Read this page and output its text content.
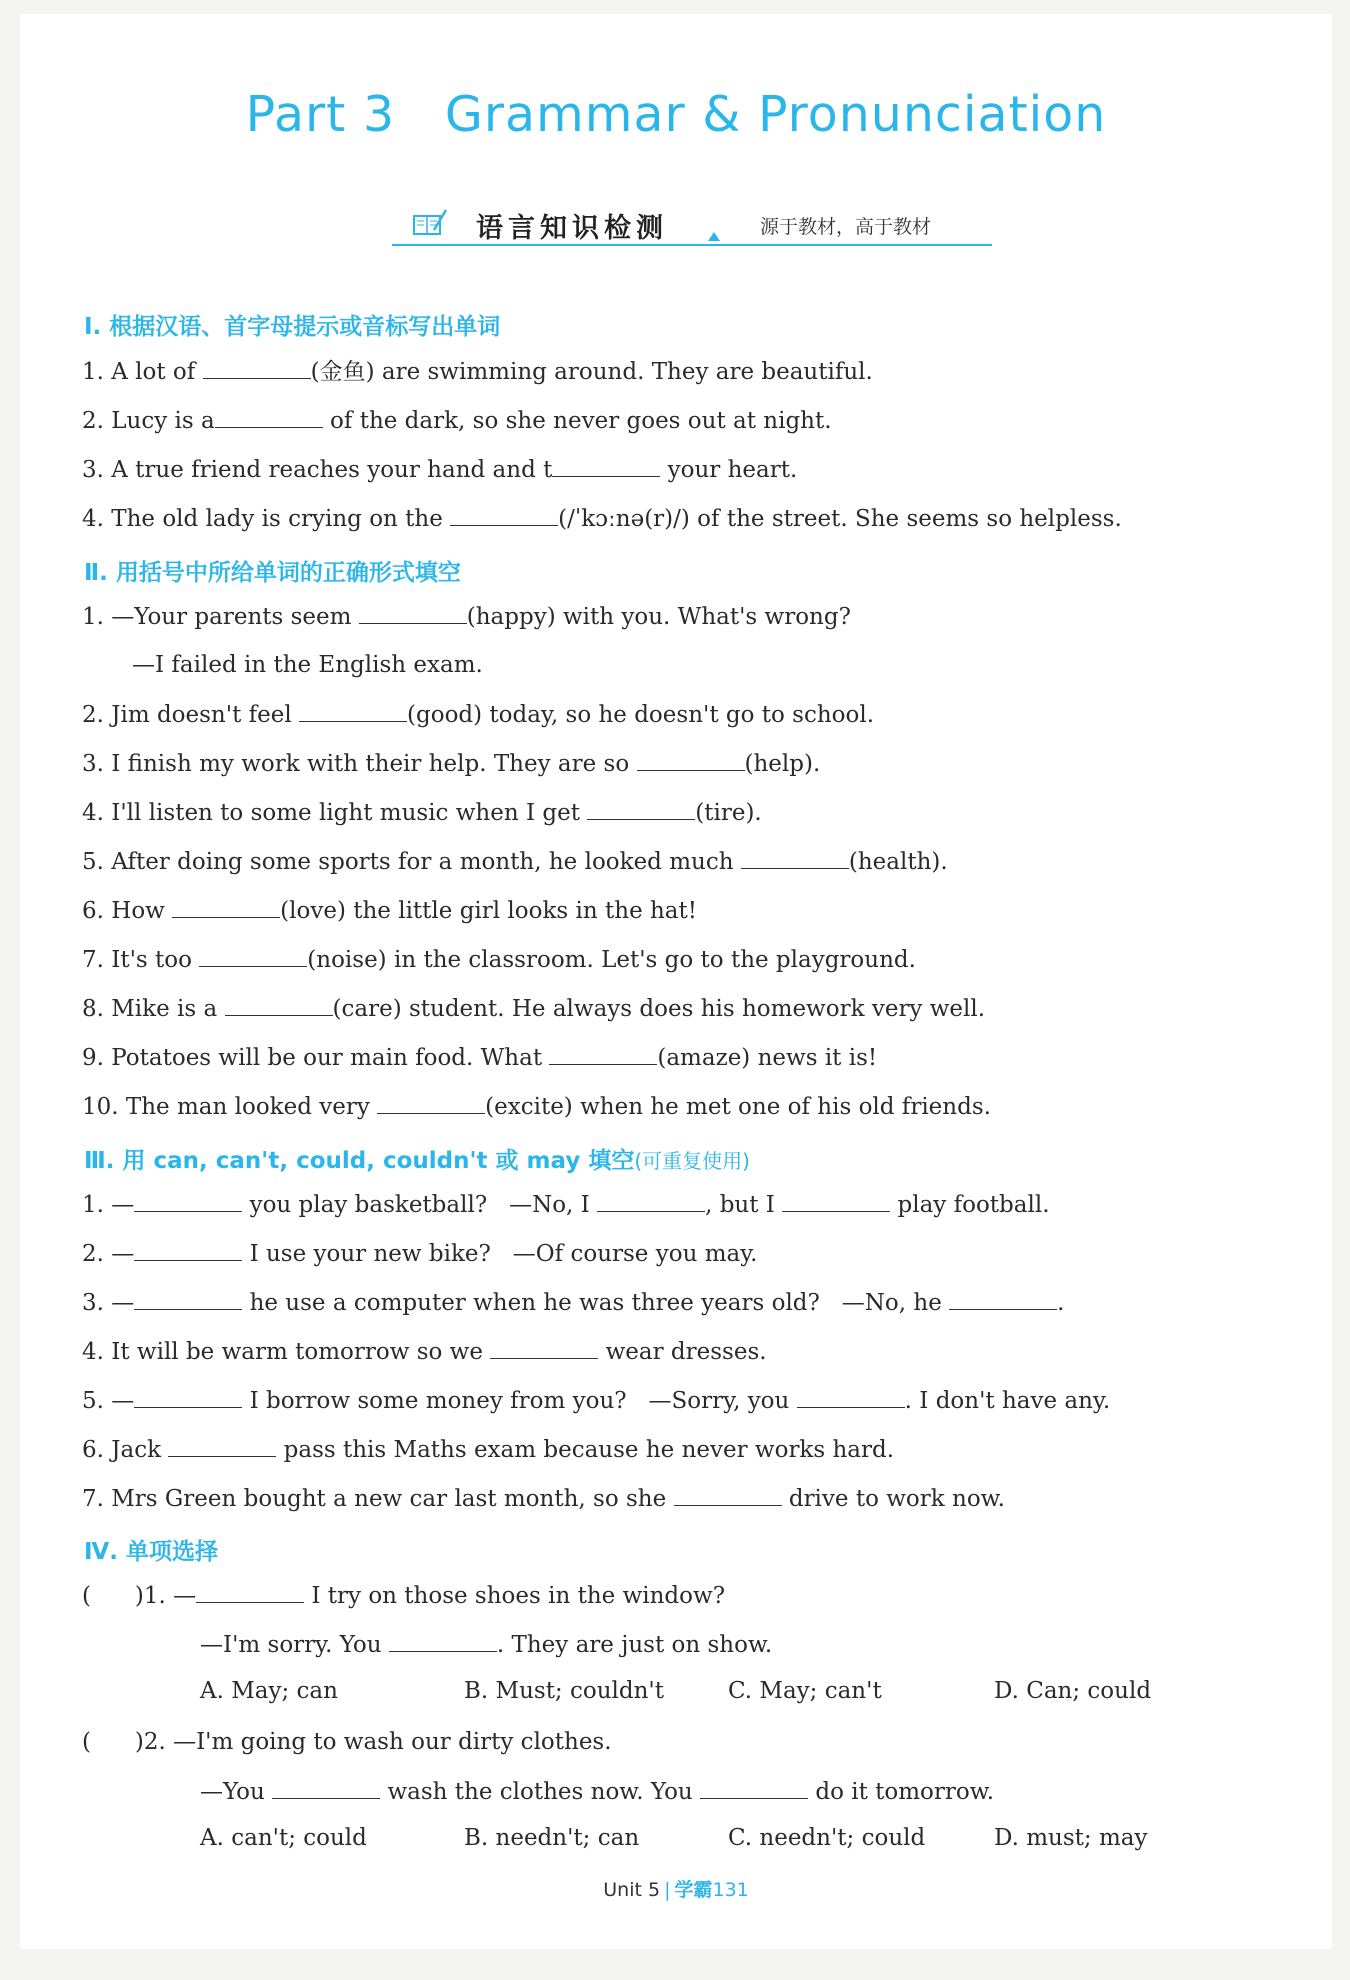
Part 3   Grammar & Pronunciation
语言知识检测	源于教材，高于教材
Ⅰ. 根据汉语、首字母提示或音标写出单词
1. A lot of	(金鱼) are swimming around. They are beautiful.
2. Lucy is a	of the dark, so she never goes out at night.
3. A true friend reaches your hand and t	your heart.
4. The old lady is crying on the	(/ˈkɔːnə(r)/) of the street. She seems so helpless.
Ⅱ. 用括号中所给单词的正确形式填空
1. —Your parents seem	(happy) with you. What's wrong?
—I failed in the English exam.
2. Jim doesn't feel	(good) today, so he doesn't go to school.
3. I finish my work with their help. They are so	(help).
4. I'll listen to some light music when I get	(tire).
5. After doing some sports for a month, he looked much	(health).
6. How	(love) the little girl looks in the hat!
7. It's too	(noise) in the classroom. Let's go to the playground.
8. Mike is a	(care) student. He always does his homework very well.
9. Potatoes will be our main food. What	(amaze) news it is!
10. The man looked very	(excite) when he met one of his old friends.
Ⅲ. 用 can, can't, could, couldn't 或 may 填空(可重复使用)
1. —	you play basketball?   —No, I	, but I	play football.
2. —	I use your new bike?   —Of course you may.
3. —	he use a computer when he was three years old?   —No, he	.
4. It will be warm tomorrow so we	wear dresses.
5. —	I borrow some money from you?   —Sorry, you	. I don't have any.
6. Jack	pass this Maths exam because he never works hard.
7. Mrs Green bought a new car last month, so she	drive to work now.
Ⅳ. 单项选择
(      )1. —	I try on those shoes in the window?
—I'm sorry. You	. They are just on show.
A. May; can	B. Must; couldn't	C. May; can't	D. Can; could
(      )2. —I'm going to wash our dirty clothes.
—You	wash the clothes now. You	do it tomorrow.
A. can't; could	B. needn't; can	C. needn't; could	D. must; may
Unit 5 | 学霸131
